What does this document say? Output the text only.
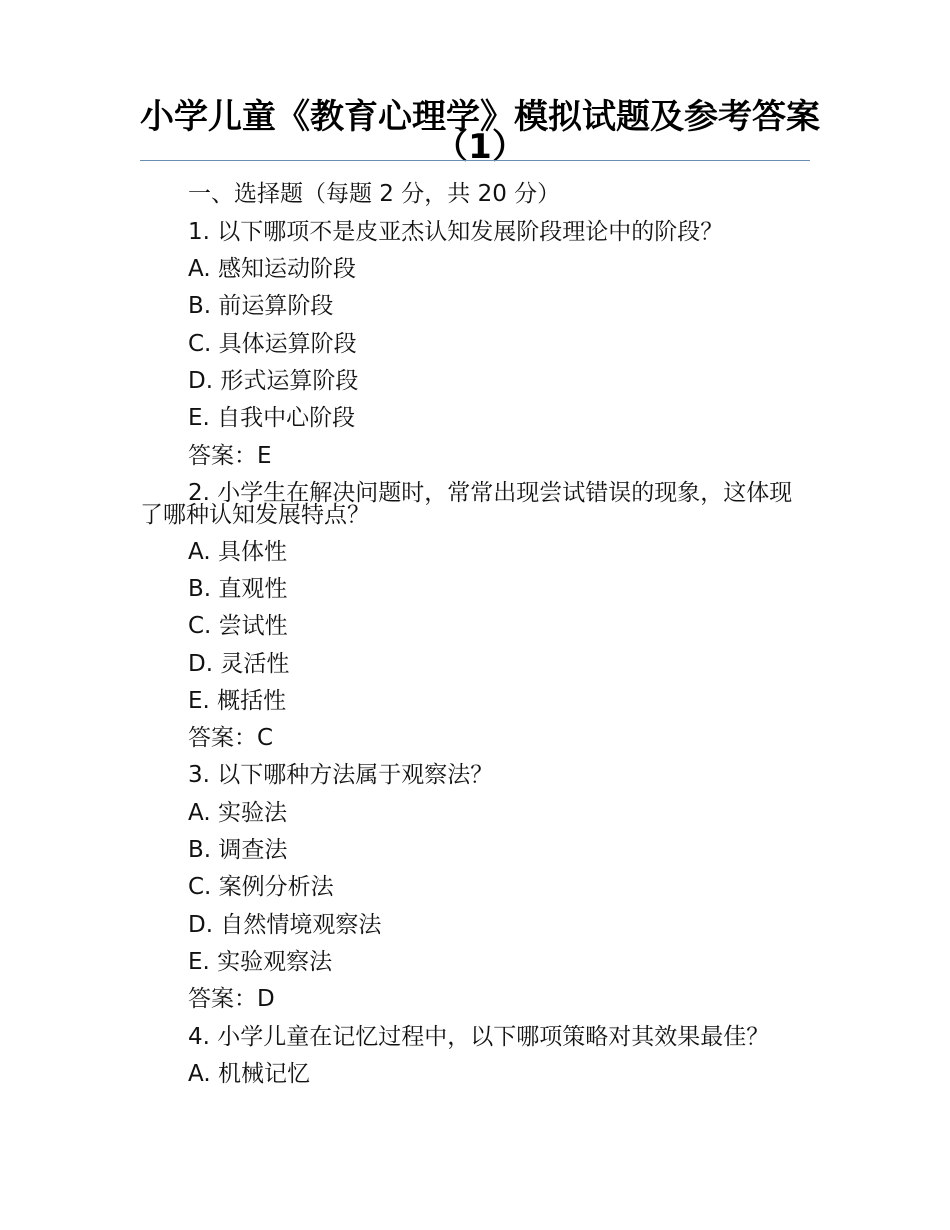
小学儿童《教育心理学》模拟试题及参考答案（1）
一、选择题（每题 2 分，共 20 分）
1. 以下哪项不是皮亚杰认知发展阶段理论中的阶段？
A. 感知运动阶段
B. 前运算阶段
C. 具体运算阶段
D. 形式运算阶段
E. 自我中心阶段
答案：E
2. 小学生在解决问题时，常常出现尝试错误的现象，这体现了哪种认知发展特点？
A. 具体性
B. 直观性
C. 尝试性
D. 灵活性
E. 概括性
答案：C
3. 以下哪种方法属于观察法？
A. 实验法
B. 调查法
C. 案例分析法
D. 自然情境观察法
E. 实验观察法
答案：D
4. 小学儿童在记忆过程中，以下哪项策略对其效果最佳？
A. 机械记忆
